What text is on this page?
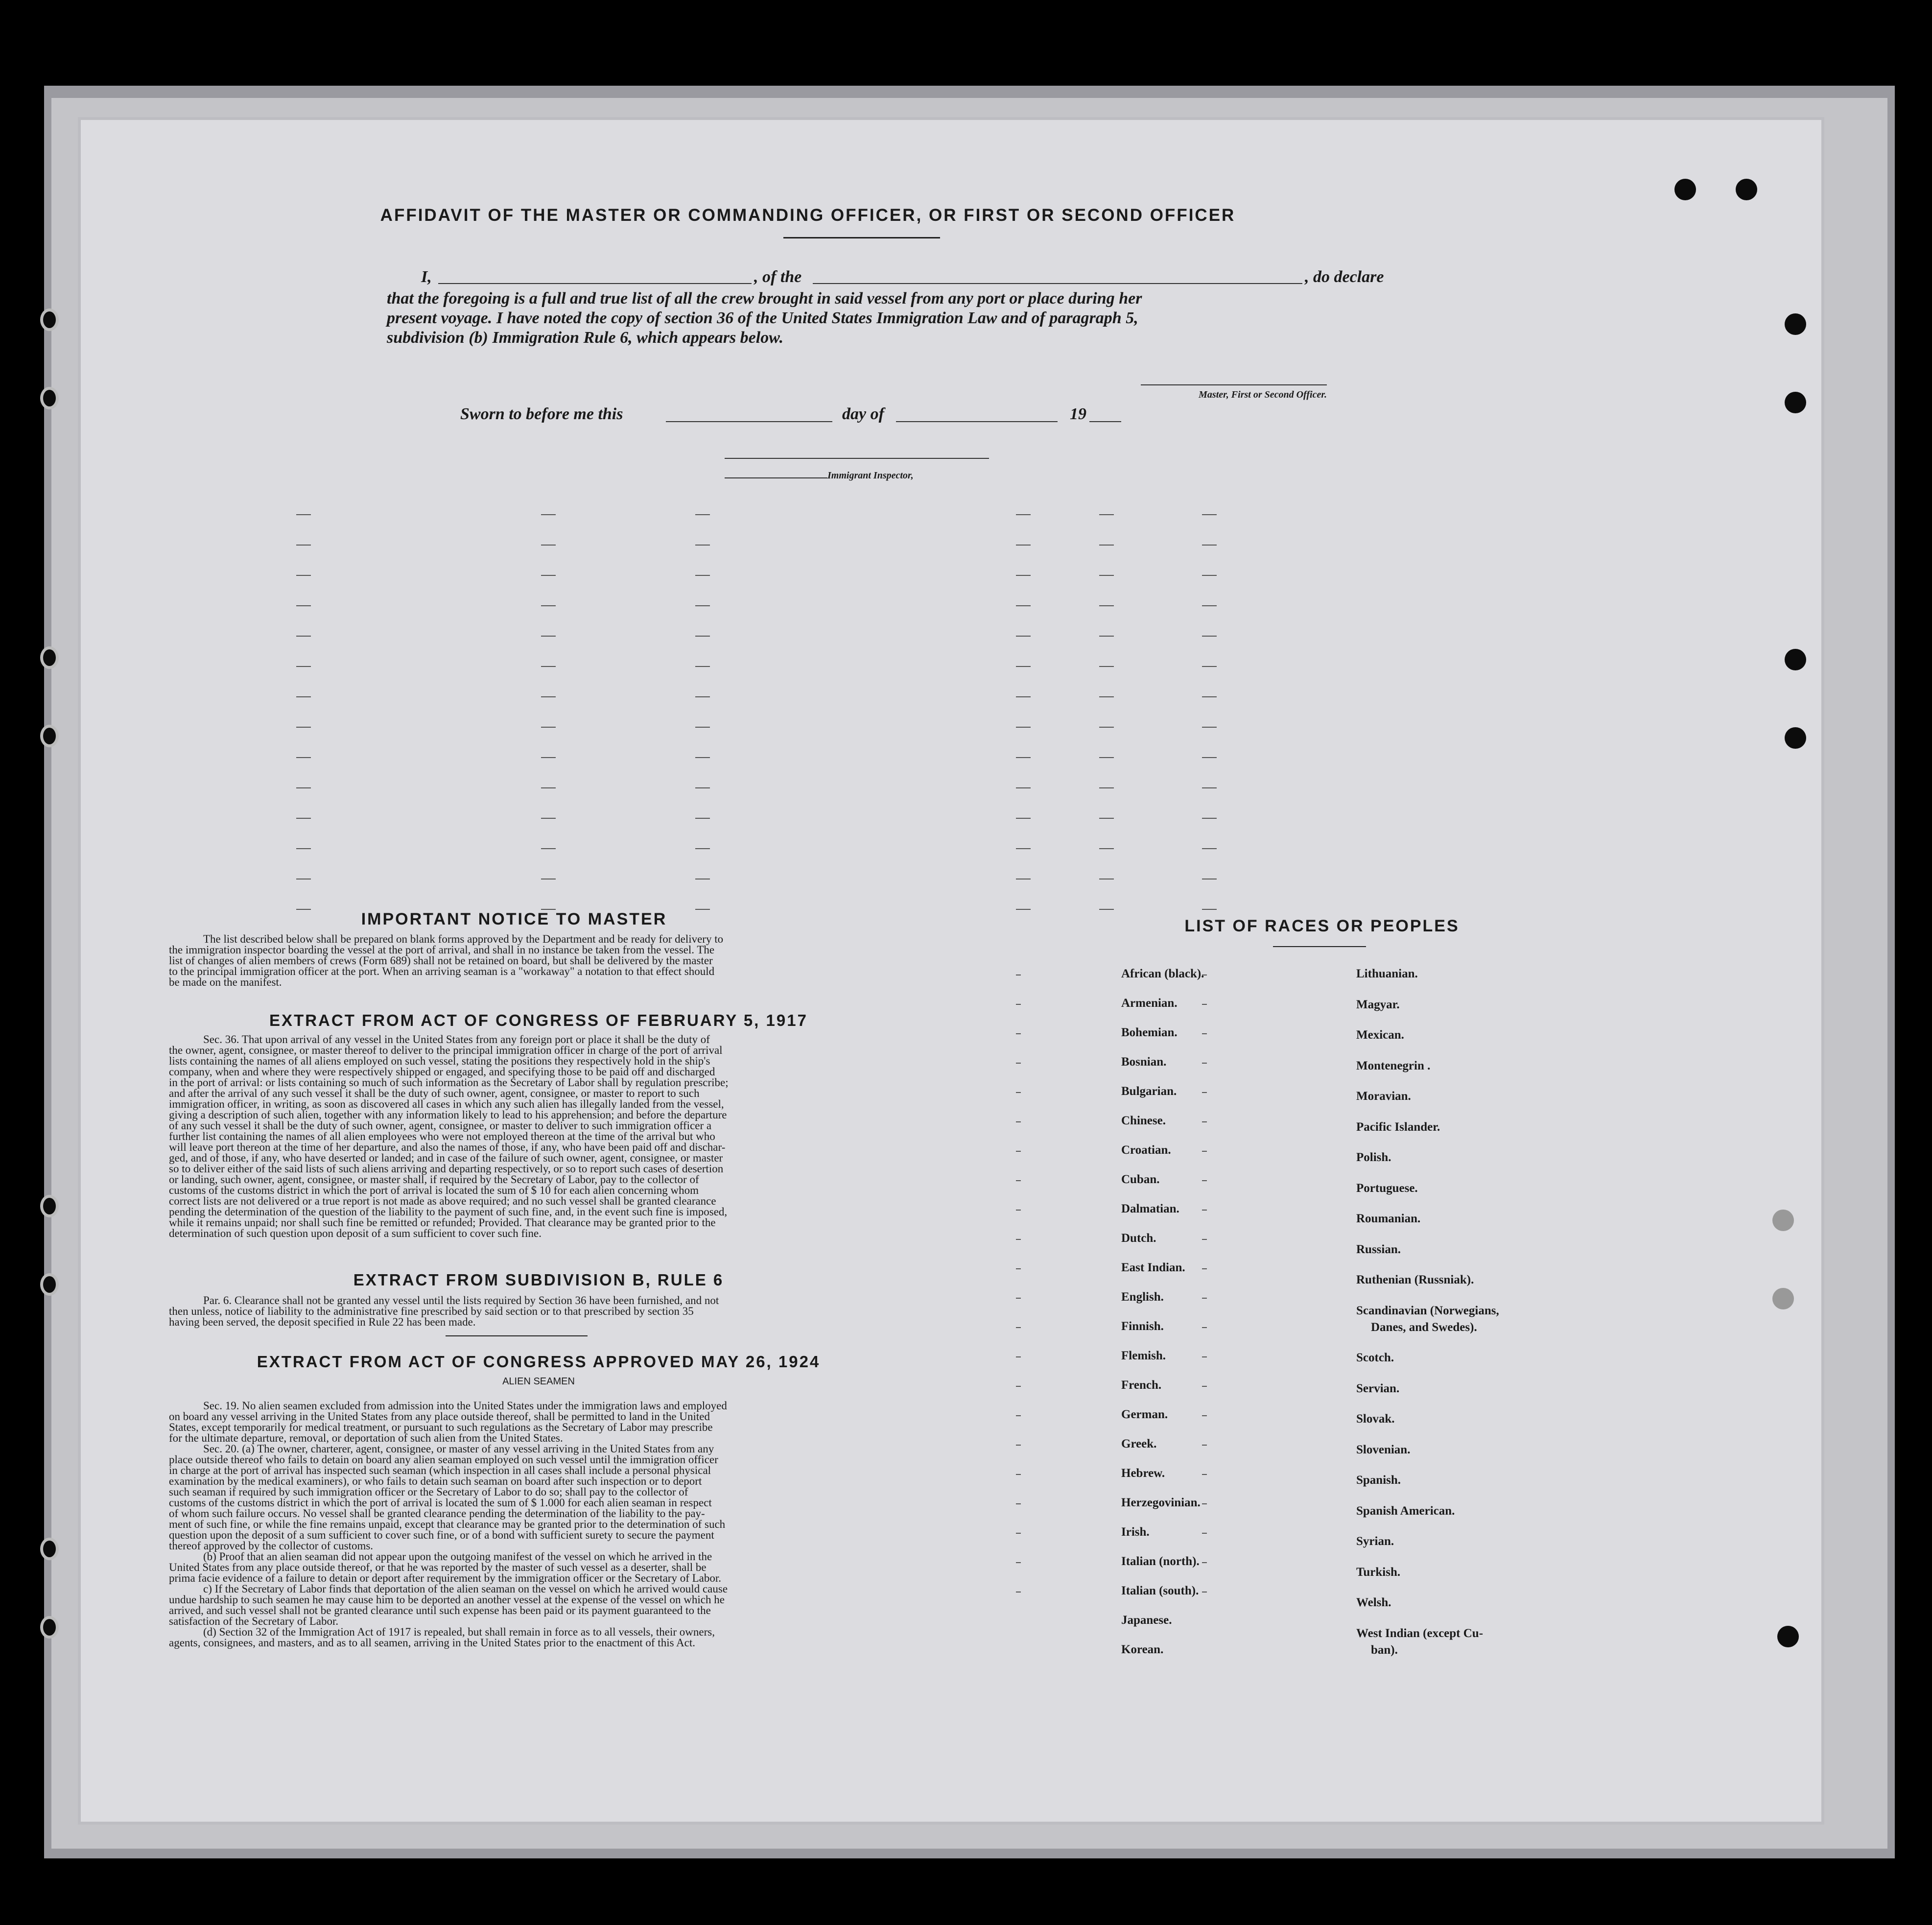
AFFIDAVIT OF THE MASTER OR COMMANDING OFFICER, OR FIRST OR SECOND OFFICER
I,	, of the	, do declare
that the foregoing is a full and true list of all the crew brought in said vessel from any port or place during her
present voyage. I have noted the copy of section 36 of the United States Immigration Law and of paragraph 5,
subdivision (b) Immigration Rule 6, which appears below.
Master, First or Second Officer.
Sworn to before me this	day of	19
Immigrant Inspector,
IMPORTANT NOTICE TO MASTER
The list described below shall be prepared on blank forms approved by the Department and be ready for delivery to
the immigration inspector boarding the vessel at the port of arrival, and shall in no instance be taken from the vessel. The
list of changes of alien members of crews (Form 689) shall not be retained on board, but shall be delivered by the master
to the principal immigration officer at the port. When an arriving seaman is a "workaway" a notation to that effect should
be made on the manifest.
EXTRACT FROM ACT OF CONGRESS OF FEBRUARY 5, 1917
Sec. 36. That upon arrival of any vessel in the United States from any foreign port or place it shall be the duty of
the owner, agent, consignee, or master thereof to deliver to the principal immigration officer in charge of the port of arrival
lists containing the names of all aliens employed on such vessel, stating the positions they respectively hold in the ship's
company, when and where they were respectively shipped or engaged, and specifying those to be paid off and discharged
in the port of arrival: or lists containing so much of such information as the Secretary of Labor shall by regulation prescribe;
and after the arrival of any such vessel it shall be the duty of such owner, agent, consignee, or master to report to such
immigration officer, in writing, as soon as discovered all cases in which any such alien has illegally landed from the vessel,
giving a description of such alien, together with any information likely to lead to his apprehension; and before the departure
of any such vessel it shall be the duty of such owner, agent, consignee, or master to deliver to such immigration officer a
further list containing the names of all alien employees who were not employed thereon at the time of the arrival but who
will leave port thereon at the time of her departure, and also the names of those, if any, who have been paid off and dischar-
ged, and of those, if any, who have deserted or landed; and in case of the failure of such owner, agent, consignee, or master
so to deliver either of the said lists of such aliens arriving and departing respectively, or so to report such cases of desertion
or landing, such owner, agent, consignee, or master shall, if required by the Secretary of Labor, pay to the collector of
customs of the customs district in which the port of arrival is located the sum of $ 10 for each alien concerning whom
correct lists are not delivered or a true report is not made as above required; and no such vessel shall be granted clearance
pending the determination of the question of the liability to the payment of such fine, and, in the event such fine is imposed,
while it remains unpaid; nor shall such fine be remitted or refunded; Provided. That clearance may be granted prior to the
determination of such question upon deposit of a sum sufficient to cover such fine.
EXTRACT FROM SUBDIVISION B, RULE 6
Par. 6. Clearance shall not be granted any vessel until the lists required by Section 36 have been furnished, and not
then unless, notice of liability to the administrative fine prescribed by said section or to that prescribed by section 35
having been served, the deposit specified in Rule 22 has been made.
EXTRACT FROM ACT OF CONGRESS APPROVED MAY 26, 1924
ALIEN SEAMEN
Sec. 19. No alien seamen excluded from admission into the United States under the immigration laws and employed
on board any vessel arriving in the United States from any place outside thereof, shall be permitted to land in the United
States, except temporarily for medical treatment, or pursuant to such regulations as the Secretary of Labor may prescribe
for the ultimate departure, removal, or deportation of such alien from the United States.
Sec. 20. (a) The owner, charterer, agent, consignee, or master of any vessel arriving in the United States from any
place outside thereof who fails to detain on board any alien seaman employed on such vessel until the immigration officer
in charge at the port of arrival has inspected such seaman (which inspection in all cases shall include a personal physical
examination by the medical examiners), or who fails to detain such seaman on board after such inspection or to deport
such seaman if required by such immigration officer or the Secretary of Labor to do so; shall pay to the collector of
customs of the customs district in which the port of arrival is located the sum of $ 1.000 for each alien seaman in respect
of whom such failure occurs. No vessel shall be granted clearance pending the determination of the liability to the pay-
ment of such fine, or while the fine remains unpaid, except that clearance may be granted prior to the determination of such
question upon the deposit of a sum sufficient to cover such fine, or of a bond with sufficient surety to secure the payment
thereof approved by the collector of customs.
(b) Proof that an alien seaman did not appear upon the outgoing manifest of the vessel on which he arrived in the
United States from any place outside thereof, or that he was reported by the master of such vessel as a deserter, shall be
prima facie evidence of a failure to detain or deport after requirement by the immigration officer or the Secretary of Labor.
c) If the Secretary of Labor finds that deportation of the alien seaman on the vessel on which he arrived would cause
undue hardship to such seamen he may cause him to be deported an another vessel at the expense of the vessel on which he
arrived, and such vessel shall not be granted clearance until such expense has been paid or its payment guaranteed to the
satisfaction of the Secretary of Labor.
(d) Section 32 of the Immigration Act of 1917 is repealed, but shall remain in force as to all vessels, their owners,
agents, consignees, and masters, and as to all seamen, arriving in the United States prior to the enactment of this Act.
LIST OF RACES OR PEOPLES
African (black).
Armenian.
Bohemian.
Bosnian.
Bulgarian.
Chinese.
Croatian.
Cuban.
Dalmatian.
Dutch.
East Indian.
English.
Finnish.
Flemish.
French.
German.
Greek.
Hebrew.
Herzegovinian.
Irish.
Italian (north).
Italian (south).
Japanese.
Korean.
Lithuanian.
Magyar.
Mexican.
Montenegrin .
Moravian.
Pacific Islander.
Polish.
Portuguese.
Roumanian.
Russian.
Ruthenian (Russniak).
Scandinavian (Norwegians,
Danes, and Swedes).
Scotch.
Servian.
Slovak.
Slovenian.
Spanish.
Spanish American.
Syrian.
Turkish.
Welsh.
West Indian (except Cu-
ban).
